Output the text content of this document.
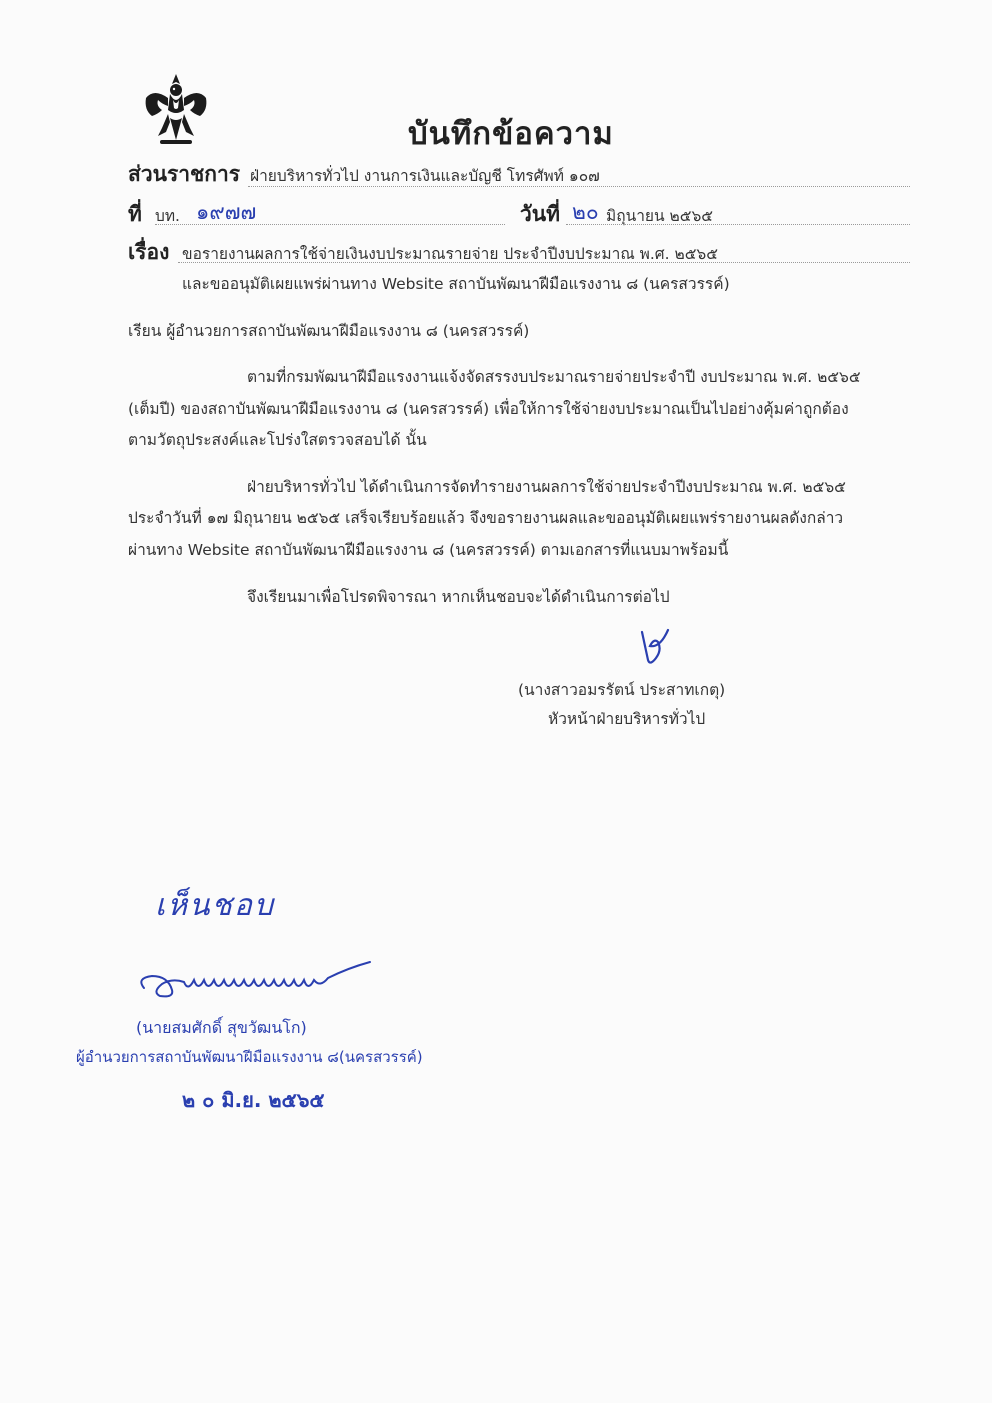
บันทึกข้อความ
ส่วนราชการ ฝ่ายบริหารทั่วไป งานการเงินและบัญชี โทรศัพท์ ๑๐๗
ที่ บท. ๑๙๗๗	วันที่ ๒๐ มิถุนายน ๒๕๖๕
เรื่อง ขอรายงานผลการใช้จ่ายเงินงบประมาณรายจ่าย ประจำปีงบประมาณ พ.ศ. ๒๕๖๕
และขออนุมัติเผยแพร่ผ่านทาง Website สถาบันพัฒนาฝีมือแรงงาน ๘ (นครสวรรค์)
เรียน ผู้อำนวยการสถาบันพัฒนาฝีมือแรงงาน ๘ (นครสวรรค์)
ตามที่กรมพัฒนาฝีมือแรงงานแจ้งจัดสรรงบประมาณรายจ่ายประจำปี งบประมาณ พ.ศ. ๒๕๖๕
(เต็มปี) ของสถาบันพัฒนาฝีมือแรงงาน ๘ (นครสวรรค์) เพื่อให้การใช้จ่ายงบประมาณเป็นไปอย่างคุ้มค่าถูกต้อง
ตามวัตถุประสงค์และโปร่งใสตรวจสอบได้ นั้น
ฝ่ายบริหารทั่วไป ได้ดำเนินการจัดทำรายงานผลการใช้จ่ายประจำปีงบประมาณ พ.ศ. ๒๕๖๕
ประจำวันที่ ๑๗ มิถุนายน ๒๕๖๕ เสร็จเรียบร้อยแล้ว จึงขอรายงานผลและขออนุมัติเผยแพร่รายงานผลดังกล่าว
ผ่านทาง Website สถาบันพัฒนาฝีมือแรงงาน ๘ (นครสวรรค์) ตามเอกสารที่แนบมาพร้อมนี้
จึงเรียนมาเพื่อโปรดพิจารณา หากเห็นชอบจะได้ดำเนินการต่อไป
(นางสาวอมรรัตน์ ประสาทเกตุ)
หัวหน้าฝ่ายบริหารทั่วไป
เห็นชอบ
(นายสมศักดิ์ สุขวัฒนโก)
ผู้อำนวยการสถาบันพัฒนาฝีมือแรงงาน ๘(นครสวรรค์)
๒ ๐ มิ.ย. ๒๕๖๕
